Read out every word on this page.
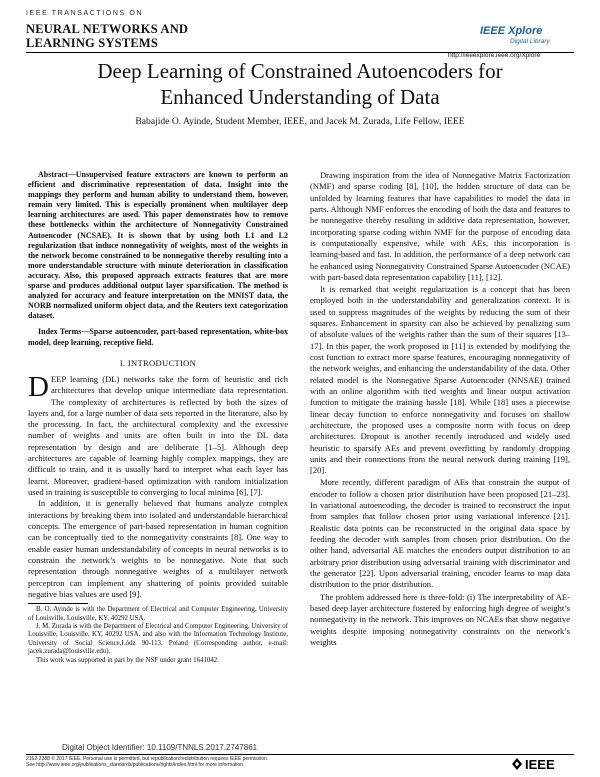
IEEE TRANSACTIONS ON
NEURAL NETWORKS AND
LEARNING SYSTEMS
IEEE Xplore
Digital Library
http://ieeexplore.ieee.org/Xplore
Deep Learning of Constrained Autoencoders for
Enhanced Understanding of Data
Babajide O. Ayinde, Student Member, IEEE, and Jacek M. Zurada, Life Fellow, IEEE

Abstract—Unsupervised feature extractors are known to perform an efficient and discriminative representation of data. Insight into the mappings they perform and human ability to understand them, however, remain very limited. This is especially prominent when multilayer deep learning architectures are used. This paper demonstrates how to remove these bottlenecks within the architecture of Nonnegativity Constrained Autoencoder (NCSAE). It is shown that by using both L1 and L2 regularization that induce nonnegativity of weights, most of the weights in the network become constrained to be nonnegative thereby resulting into a more understandable structure with minute deterioration in classification accuracy. Also, this proposed approach extracts features that are more sparse and produces additional output layer sparsification. The method is analyzed for accuracy and feature interpretation on the MNIST data, the NORB normalized uniform object data, and the Reuters text categorization dataset.

Index Terms—Sparse autoencoder, part-based representation, white-box model, deep learning, receptive field.

I. INTRODUCTION

DEEP learning (DL) networks take the form of heuristic and rich architectures that develop unique intermediate data representation. The complexity of architectures is reflected by both the sizes of layers and, for a large number of data sets reported in the literature, also by the processing. In fact, the architectural complexity and the excessive number of weights and units are often built in into the DL data representation by design and are deliberate [1–5]. Although deep architectures are capable of learning highly complex mappings, they are difficult to train, and it is usually hard to interpret what each layer has learnt. Moreover, gradient-based optimization with random initialization used in training is susceptible to converging to local minima [6], [7].

In addition, it is generally believed that humans analyze complex interactions by breaking them into isolated and understandable hierarchical concepts. The emergence of part-based representation in human cognition can be conceptually tied to the nonnegativity constraints [8]. One way to enable easier human understandability of concepts in neural networks is to constrain the network’s weights to be nonnegative. Note that such representation through nonnegative weights of a multilayer network perceptron can implement any shattering of points provided suitable negative bias values are used [9].

B. O. Ayinde is with the Department of Electrical and Computer Engineering, University of Louisville, Louisville, KY, 40292 USA.

J. M. Zurada is with the Department of Electrical and Computer Engineering, University of Louisville, Louisville, KY, 40292 USA, and also with the Information Technology Institute, University of Social Science,Łódz 90-113, Poland (Corresponding author, e-mail: jacek.zurada@louisville.edu).

This work was supported in part by the NSF under grant 1641042.

Drawing inspiration from the idea of Nonnegative Matrix Factorization (NMF) and sparse coding [8], [10], the hidden structure of data can be unfolded by learning features that have capabilities to model the data in parts. Although NMF enforces the encoding of both the data and features to be nonnegative thereby resulting in additive data representation, however, incorporating sparse coding within NMF for the purpose of encoding data is computationally expensive, while with AEs, this incorporation is learning-based and fast. In addition, the performance of a deep network can be enhanced using Nonnegativity Constrained Sparse Autoencoder (NCAE) with part-based data representation capability [11], [12].

It is remarked that weight regularization is a concept that has been employed both in the understandability and generalization context. It is used to suppress magnitudes of the weights by reducing the sum of their squares. Enhancement in sparsity can also be achieved by penalizing sum of absolute values of the weights rather than the sum of their squares [13–17]. In this paper, the work proposed in [11] is extended by modifying the cost function to extract more sparse features, encouraging nonnegativity of the network weights, and enhancing the understandability of the data. Other related model is the Nonnegative Sparse Autoencoder (NNSAE) trained with an online algorithm with tied weights and linear output activation function to mitigate the training hassle [18]. While [18] uses a piecewise linear decay function to enforce nonnegativity and focuses on shallow architecture, the proposed uses a composite norm with focus on deep architectures. Dropout is another recently introduced and widely used heuristic to sparsify AEs and prevent overfitting by randomly dropping units and their connections from the neural network during training [19], [20].

More recently, different paradigm of AEs that constrain the output of encoder to follow a chosen prior distribution have been proposed [21–23]. In variational autoencoding, the decoder is trained to reconstruct the input from samples that follow chosen prior using variational inference [21]. Realistic data points can be reconstructed in the original data space by feeding the decoder with samples from chosen prior distribution. On the other hand, adversarial AE matches the encoders output distribution to an arbitrary prior distribution using adversarial training with discriminator and the generator [22]. Upon adversarial training, encoder learns to map data distribution to the prior distribution.

The problem addressed here is three-fold: (i) The interpretability of AE-based deep layer architecture fostered by enforcing high degree of weight’s nonnegativity in the network. This improves on NCAEs that show negative weights despite imposing nonnegativity constraints on the network’s weights

Digital Object Identifier: 10.1109/TNNLS.2017.2747861
2162-2388 © 2017 IEEE. Personal use is permitted, but republication/redistribution requires IEEE permission.
See http://www.ieee.org/publications_standards/publications/rights/index.html for more information.	IEEE
